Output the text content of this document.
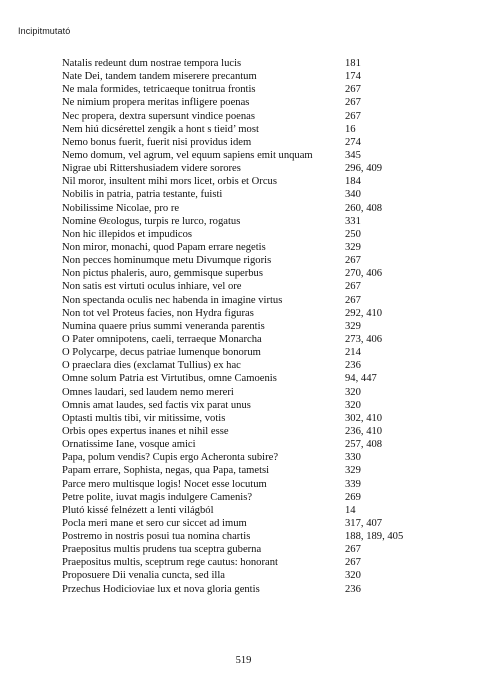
Incipitmutató
Natalis redeunt dum nostrae tempora lucis	181
Nate Dei, tandem tandem miserere precantum	174
Ne mala formides, tetricaeque tonitrua frontis	267
Ne nimium propera meritas infligere poenas	267
Nec propera, dextra supersunt vindice poenas	267
Nem hiú dicsérettel zengik a hont s tieid’ most	16
Nemo bonus fuerit, fuerit nisi providus idem	274
Nemo domum, vel agrum, vel equum sapiens emit unquam	345
Nigrae ubi Rittershusiadem videre sorores	296, 409
Nil moror, insultent mihi mors licet, orbis et Orcus	184
Nobilis in patria, patria testante, fuisti	340
Nobilissime Nicolae, pro re	260, 408
Nomine Θεologus, turpis re lurco, rogatus	331
Non hic illepidos et impudicos	250
Non miror, monachi, quod Papam errare negetis	329
Non pecces hominumque metu Divumque rigoris	267
Non pictus phaleris, auro, gemmisque superbus	270, 406
Non satis est virtuti oculus inhiare, vel ore	267
Non spectanda oculis nec habenda in imagine virtus	267
Non tot vel Proteus facies, non Hydra figuras	292, 410
Numina quaere prius summi veneranda parentis	329
O Pater omnipotens, caeli, terraeque Monarcha	273, 406
O Polycarpe, decus patriae lumenque bonorum	214
O praeclara dies (exclamat Tullius) ex hac	236
Omne solum Patria est Virtutibus, omne Camoenis	94, 447
Omnes laudari, sed laudem nemo mereri	320
Omnis amat laudes, sed factis vix parat unus	320
Optasti multis tibi, vir mitissime, votis	302, 410
Orbis opes expertus inanes et nihil esse	236, 410
Ornatissime Iane, vosque amici	257, 408
Papa, polum vendis? Cupis ergo Acheronta subire?	330
Papam errare, Sophista, negas, qua Papa, tametsi	329
Parce mero multisque logis! Nocet esse locutum	339
Petre polite, iuvat magis indulgere Camenis?	269
Plutó kissé felnézett a lenti világból	14
Pocla meri mane et sero cur siccet ad imum	317, 407
Postremo in nostris posui tua nomina chartis	188, 189, 405
Praepositus multis prudens tua sceptra guberna	267
Praepositus multis, sceptrum rege cautus: honorant	267
Proposuere Dii venalia cuncta, sed illa	320
Przechus Hodicioviae lux et nova gloria gentis	236
519
